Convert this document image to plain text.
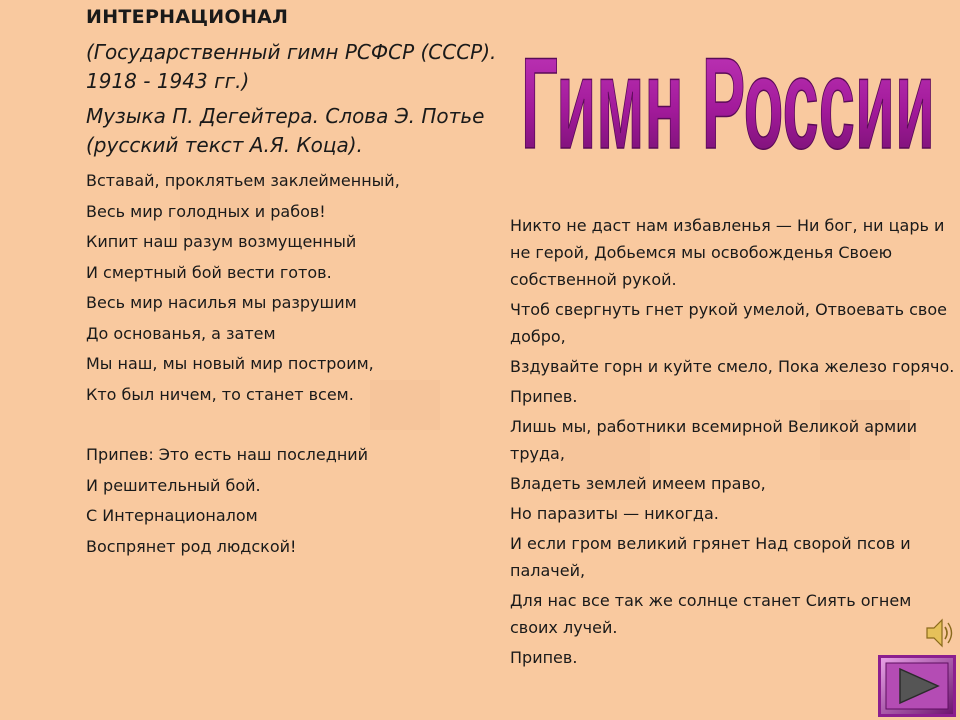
ИНТЕРНАЦИОНАЛ
(Государственный гимн РСФСР (СССР). 1918 - 1943 гг.)
Музыка П. Дегейтера. Слова Э. Потье (русский текст А.Я. Коца).
Вставай, проклятьем заклейменный,
Весь мир голодных и рабов!
Кипит наш разум возмущенный
И смертный бой вести готов.
Весь мир насилья мы разрушим
До основанья, а затем
Мы наш, мы новый мир построим,
Кто был ничем, то станет всем.
Припев: Это есть наш последний
И решительный бой.
С Интернационалом
Воспрянет род людской!
Гимн России
Никто не даст нам избавленья — Ни бог, ни царь и не герой, Добьемся мы освобожденья Своею собственной рукой.
Чтоб свергнуть гнет рукой умелой, Отвоевать свое добро,
Вздувайте горн и куйте смело, Пока железо горячо.
Припев.
Лишь мы, работники всемирной Великой армии труда,
Владеть землей имеем право,
Но паразиты — никогда.
И если гром великий грянет Над сворой псов и палачей,
Для нас все так же солнце станет Сиять огнем своих лучей.
Припев.
